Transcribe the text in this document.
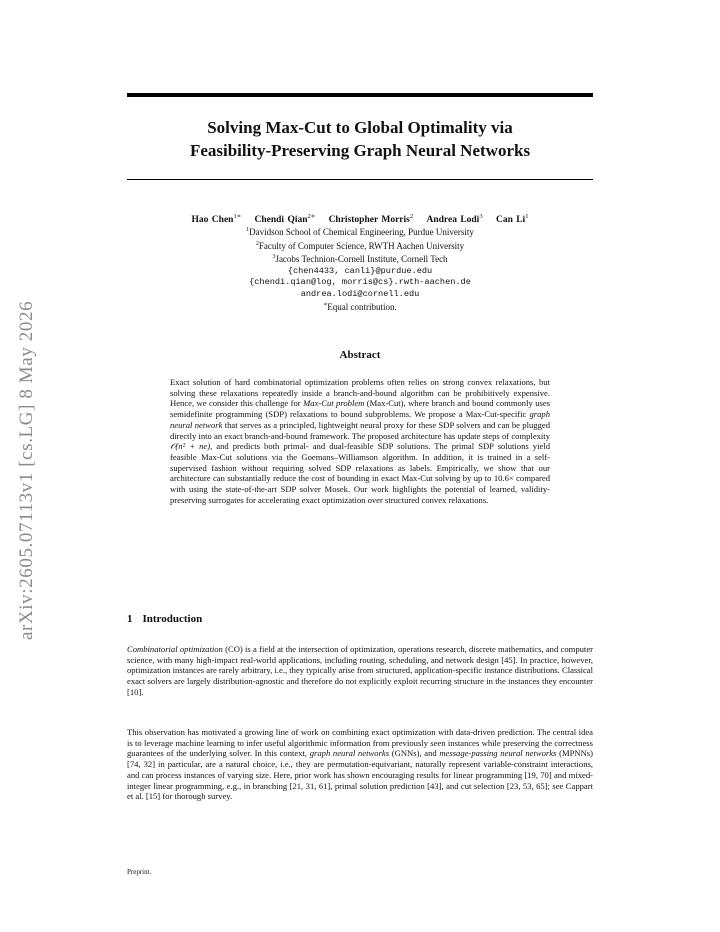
arXiv:2605.07113v1 [cs.LG] 8 May 2026
Solving Max-Cut to Global Optimality via
Feasibility-Preserving Graph Neural Networks
Hao Chen$^{1∗}$ Chendi Qian$^{2∗}$ Christopher Morris$^2$ Andrea Lodi$^3$ Can Li$^1$
$^1$Davidson School of Chemical Engineering, Purdue University
$^2$Faculty of Computer Science, RWTH Aachen University
$^3$Jacobs Technion-Cornell Institute, Cornell Tech
{chen4433, canli}@purdue.edu
{chendi.qian@log, morris@cs}.rwth-aachen.de
andrea.lodi@cornell.edu
∗Equal contribution.
Abstract
Exact solution of hard combinatorial optimization problems often relies on strong convex relaxations, but solving these relaxations repeatedly inside a branch-and-bound algorithm can be prohibitively expensive. Hence, we consider this challenge for Max-Cut problem (Max-Cut), where branch and bound commonly uses semidefinite programming (SDP) relaxations to bound subproblems. We propose a Max-Cut-specific graph neural network that serves as a principled, lightweight neural proxy for these SDP solvers and can be plugged directly into an exact branch-and-bound framework. The proposed architecture has update steps of complexity 𝒪(n² + ne), and predicts both primal- and dual-feasible SDP solutions. The primal SDP solutions yield feasible Max-Cut solutions via the Goemans–Williamson algorithm. In addition, it is trained in a self-supervised fashion without requiring solved SDP relaxations as labels. Empirically, we show that our architecture can substantially reduce the cost of bounding in exact Max-Cut solving by up to 10.6× compared with using the state-of-the-art SDP solver Mosek. Our work highlights the potential of learned, validity-preserving surrogates for accelerating exact optimization over structured convex relaxations.
1 Introduction
Combinatorial optimization (CO) is a field at the intersection of optimization, operations research, discrete mathematics, and computer science, with many high-impact real-world applications, including routing, scheduling, and network design [45]. In practice, however, optimization instances are rarely arbitrary, i.e., they typically arise from structured, application-specific instance distributions. Classical exact solvers are largely distribution-agnostic and therefore do not explicitly exploit recurring structure in the instances they encounter [10].
This observation has motivated a growing line of work on combining exact optimization with data-driven prediction. The central idea is to leverage machine learning to infer useful algorithmic information from previously seen instances while preserving the correctness guarantees of the underlying solver. In this context, graph neural networks (GNNs), and message-passing neural networks (MPNNs) [74, 32] in particular, are a natural choice, i.e., they are permutation-equivariant, naturally represent variable-constraint interactions, and can process instances of varying size. Here, prior work has shown encouraging results for linear programming [19, 70] and mixed-integer linear programming, e.g., in branching [21, 31, 61], primal solution prediction [43], and cut selection [23, 53, 65]; see Cappart et al. [15] for thorough survey.
Preprint.
